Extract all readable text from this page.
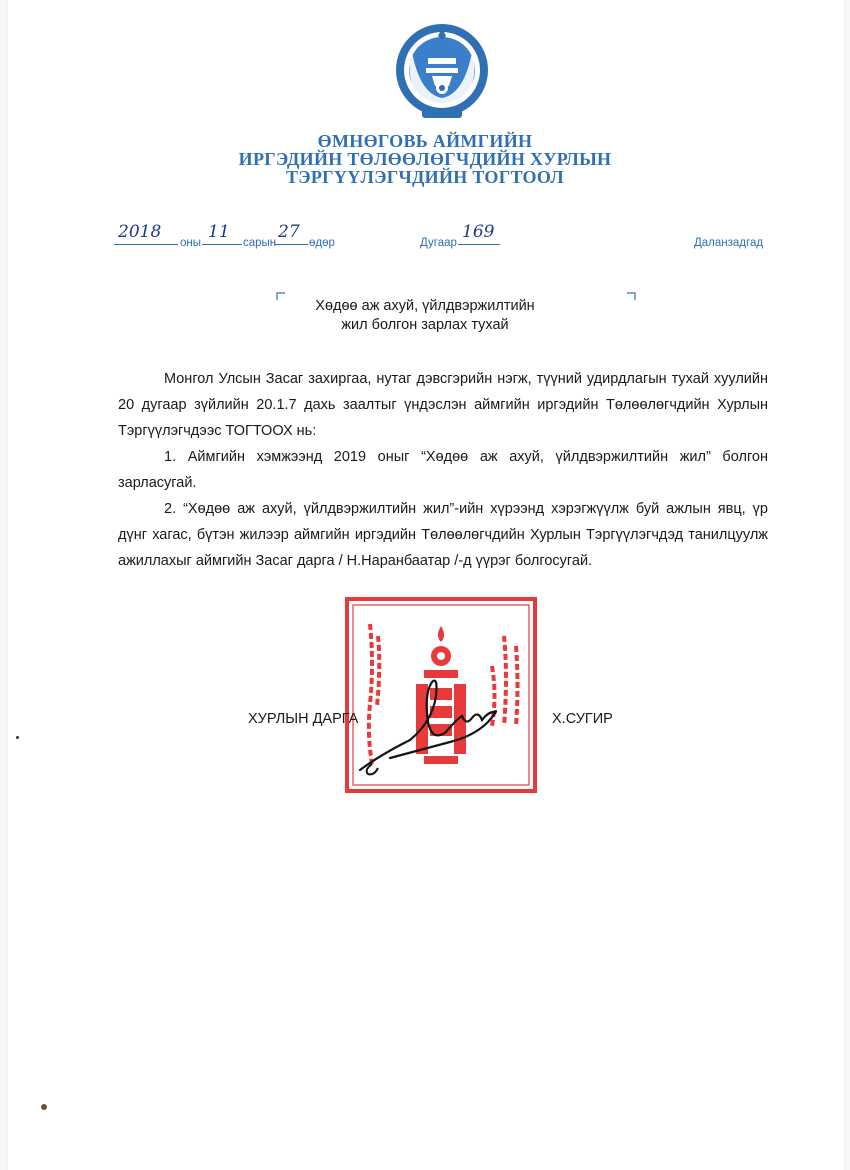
ӨМНӨГОВЬ АЙМГИЙН
ИРГЭДИЙН ТӨЛӨӨЛӨГЧДИЙН ХУРЛЫН
ТЭРГҮҮЛЭГЧДИЙН ТОГТООЛ
2018
оны
11
сарын
27
өдөр	Дугаар
169
Даланзадгад
Хөдөө аж ахуй, үйлдвэржилтийн
жил болгон зарлах тухай

Монгол Улсын Засаг захиргаа, нутаг дэвсгэрийн нэгж, түүний удирдлагын тухай хуулийн 20 дугаар зүйлийн 20.1.7 дахь заалтыг үндэслэн аймгийн иргэдийн Төлөөлөгчдийн Хурлын Тэргүүлэгчдээс ТОГТООХ нь:

1. Аймгийн хэмжээнд 2019 оныг “Хөдөө аж ахуй, үйлдвэржилтийн жил” болгон зарласугай.

2. “Хөдөө аж ахуй, үйлдвэржилтийн жил”-ийн хүрээнд хэрэгжүүлж буй ажлын явц, үр дүнг хагас, бүтэн жилээр аймгийн иргэдийн Төлөөлөгчдийн Хурлын Тэргүүлэгчдэд танилцуулж ажиллахыг аймгийн Засаг дарга / Н.Наранбаатар /-д үүрэг болгосугай.

ХУРЛЫН ДАРГА	Х.СУГИР
